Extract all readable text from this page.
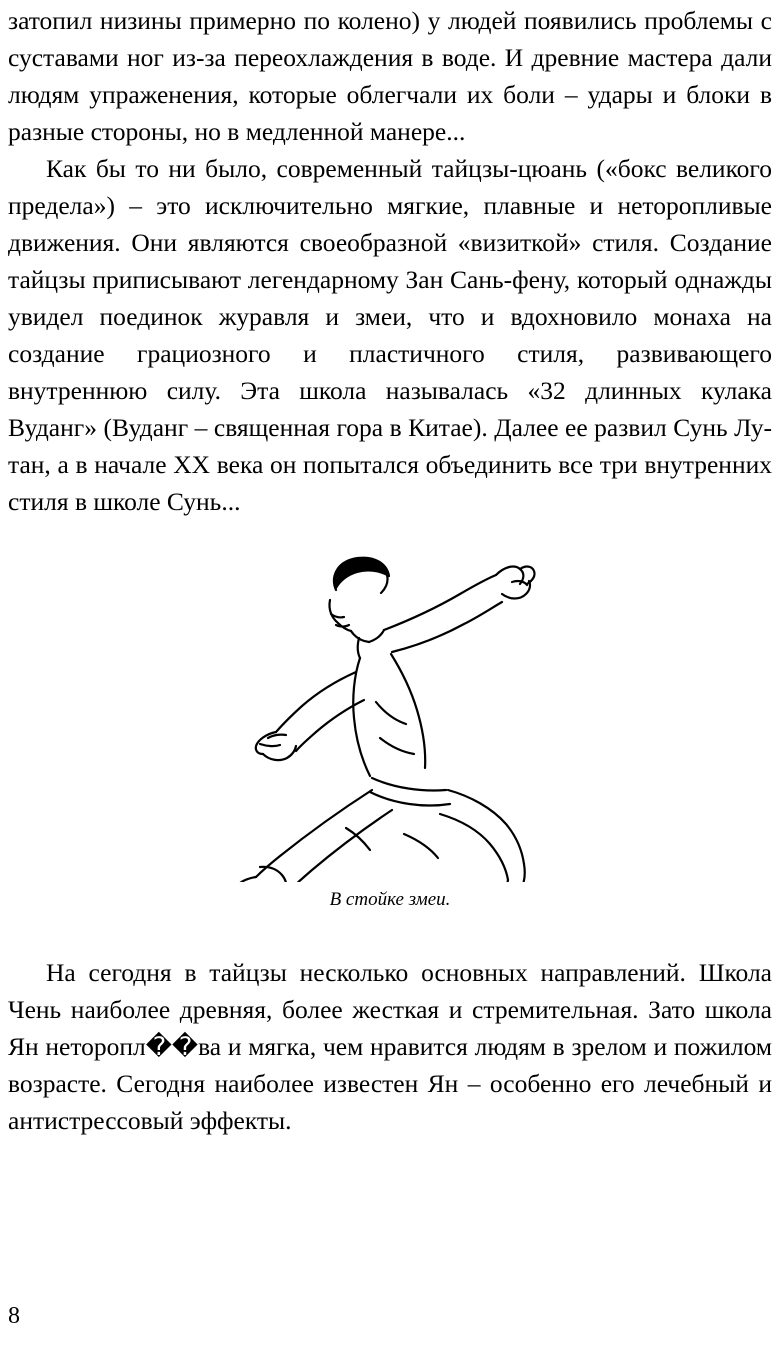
затопил низины примерно по колено) у людей появились проблемы с суставами ног из-за переохлаждения в воде. И древние мастера дали людям упраженения, которые облегчали их боли – удары и блоки в разные стороны, но в медленной манере...

Как бы то ни было, современный тайцзы-цюань («бокс великого предела») – это исключительно мягкие, плавные и неторопливые движения. Они являются своеобразной «визиткой» стиля. Создание тайцзы приписывают легендарному Зан Сань-фену, который однажды увидел поединок журавля и змеи, что и вдохновило монаха на создание грациозного и пластичного стиля, развивающего внутреннюю силу. Эта школа называлась «32 длинных кулака Вуданг» (Вуданг – священная гора в Китае). Далее ее развил Сунь Лу-тан, а в начале ХХ века он попытался объединить все три внутренних стиля в школе Сунь...

В стойке змеи.

На сегодня в тайцзы несколько основных направлений. Школа Чень наиболее древняя, более жесткая и стремительная. Зато школа Ян неторопл��ва и мягка, чем нравится людям в зрелом и пожилом возрасте. Сегодня наиболее известен Ян – особенно его лечебный и антистрессовый эффекты.

8
